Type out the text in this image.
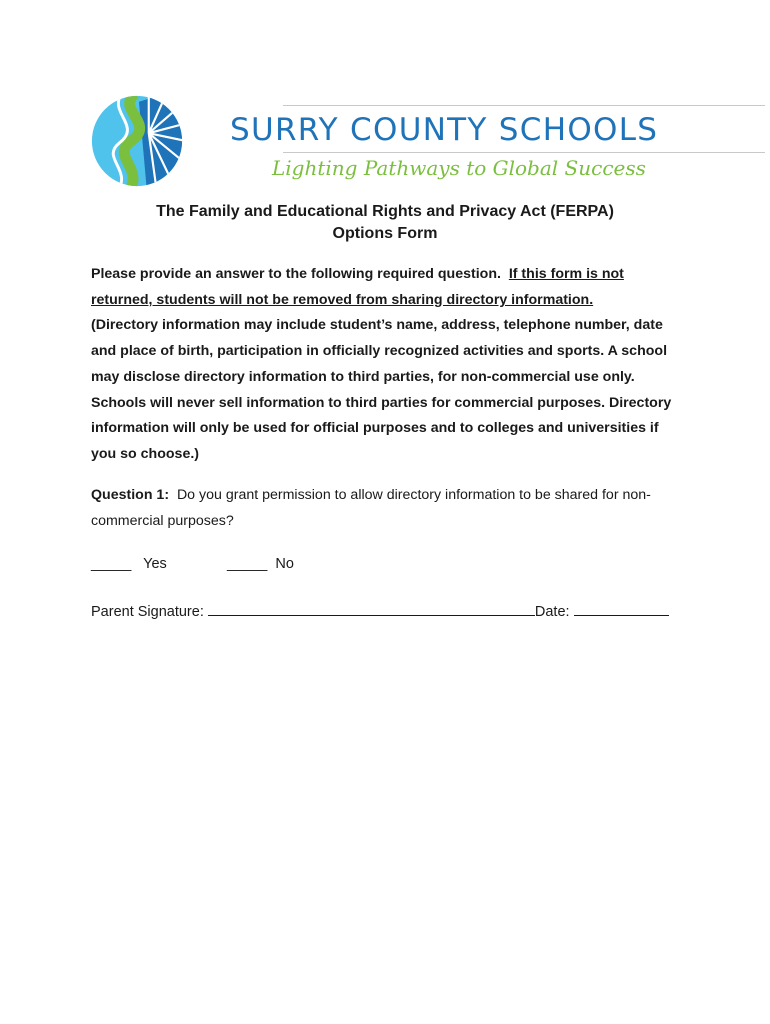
SURRY COUNTY SCHOOLS
Lighting Pathways to Global Success
The Family and Educational Rights and Privacy Act (FERPA)
Options Form
Please provide an answer to the following required question. If this form is not returned, students will not be removed from sharing directory information.
(Directory information may include student’s name, address, telephone number, date and place of birth, participation in officially recognized activities and sports. A school may disclose directory information to third parties, for non-commercial use only. Schools will never sell information to third parties for commercial purposes. Directory information will only be used for official purposes and to colleges and universities if you so choose.)
Question 1: Do you grant permission to allow directory information to be shared for non-commercial purposes?
_____ Yes	_____ No
Parent Signature:	Date:
